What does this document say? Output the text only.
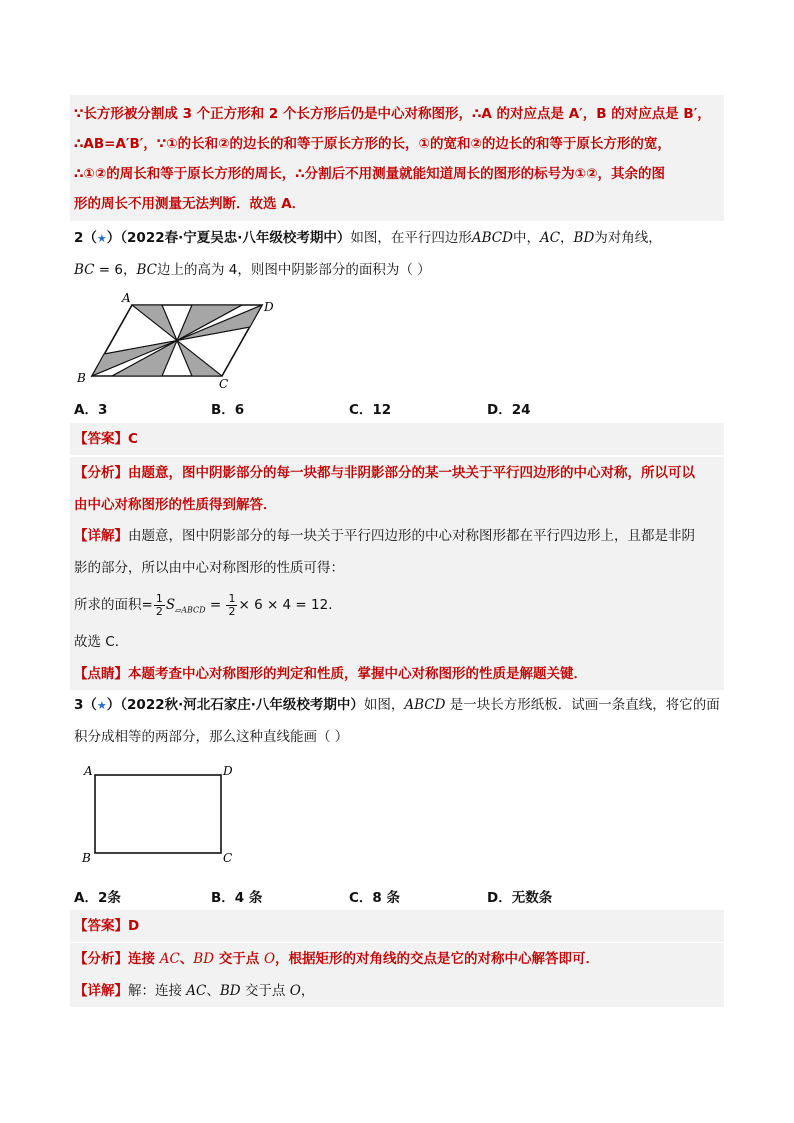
∵长方形被分割成 3 个正方形和 2 个长方形后仍是中心对称图形，∴A 的对应点是 A′，B 的对应点是 B′，
∴AB=A′B′，∵①的长和②的边长的和等于原长方形的长，①的宽和②的边长的和等于原长方形的宽，
∴①②的周长和等于原长方形的周长，∴分割后不用测量就能知道周长的图形的标号为①②，其余的图
形的周长不用测量无法判断．故选 A．
2（★）（2022春·宁夏吴忠·八年级校考期中）如图，在平行四边形ABCD中，AC，BD为对角线，
BC = 6，BC边上的高为 4，则图中阴影部分的面积为（ ）
A
D
B	C
A．3	B．6	C．12	D．24
【答案】C
【分析】由题意，图中阴影部分的每一块都与非阴影部分的某一块关于平行四边形的中心对称，所以可以
由中心对称图形的性质得到解答．
【详解】由题意，图中阴影部分的每一块关于平行四边形的中心对称图形都在平行四边形上，且都是非阴
影的部分，所以由中心对称图形的性质可得：
所求的面积= $\frac{1}{2} S_{▱ABCD} = \frac{1}{2} \times 6 \times 4 = 12$．
故选 C．
【点睛】本题考查中心对称图形的判定和性质，掌握中心对称图形的性质是解题关键．
3（★）（2022秋·河北石家庄·八年级校考期中）如图，ABCD 是一块长方形纸板．试画一条直线，将它的面
积分成相等的两部分，那么这种直线能画（ ）
A	D
B	C
A．2条	B．4 条	C．8 条	D．无数条
【答案】D
【分析】连接 AC、BD 交于点 O，根据矩形的对角线的交点是它的对称中心解答即可．
【详解】解：连接 AC、BD 交于点 O，
